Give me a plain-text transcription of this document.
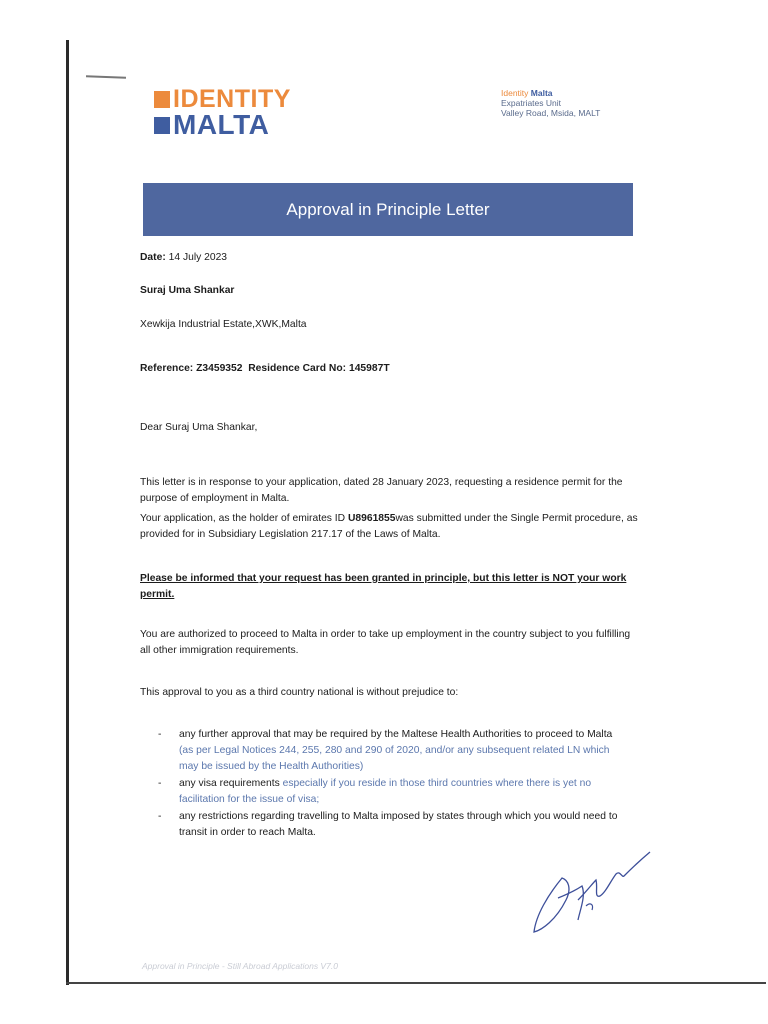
IDENTITY
MALTA
Identity Malta
Expatriates Unit
Valley Road, Msida, MALT
Approval in Principle Letter
Date: 14 July 2023
Suraj Uma Shankar
Xewkija Industrial Estate,XWK,Malta
Reference: Z3459352 Residence Card No: 145987T
Dear Suraj Uma Shankar,
This letter is in response to your application, dated 28 January 2023, requesting a residence permit for the purpose of employment in Malta.
Your application, as the holder of emirates ID U8961855was submitted under the Single Permit procedure, as provided for in Subsidiary Legislation 217.17 of the Laws of Malta.
Please be informed that your request has been granted in principle, but this letter is NOT your work permit.
You are authorized to proceed to Malta in order to take up employment in the country subject to you fulfilling all other immigration requirements.
This approval to you as a third country national is without prejudice to:
- any further approval that may be required by the Maltese Health Authorities to proceed to Malta (as per Legal Notices 244, 255, 280 and 290 of 2020, and/or any subsequent related LN which may be issued by the Health Authorities)
- any visa requirements especially if you reside in those third countries where there is yet no facilitation for the issue of visa;
- any restrictions regarding travelling to Malta imposed by states through which you would need to transit in order to reach Malta.
Approval in Principle - Still Abroad Applications V7.0
